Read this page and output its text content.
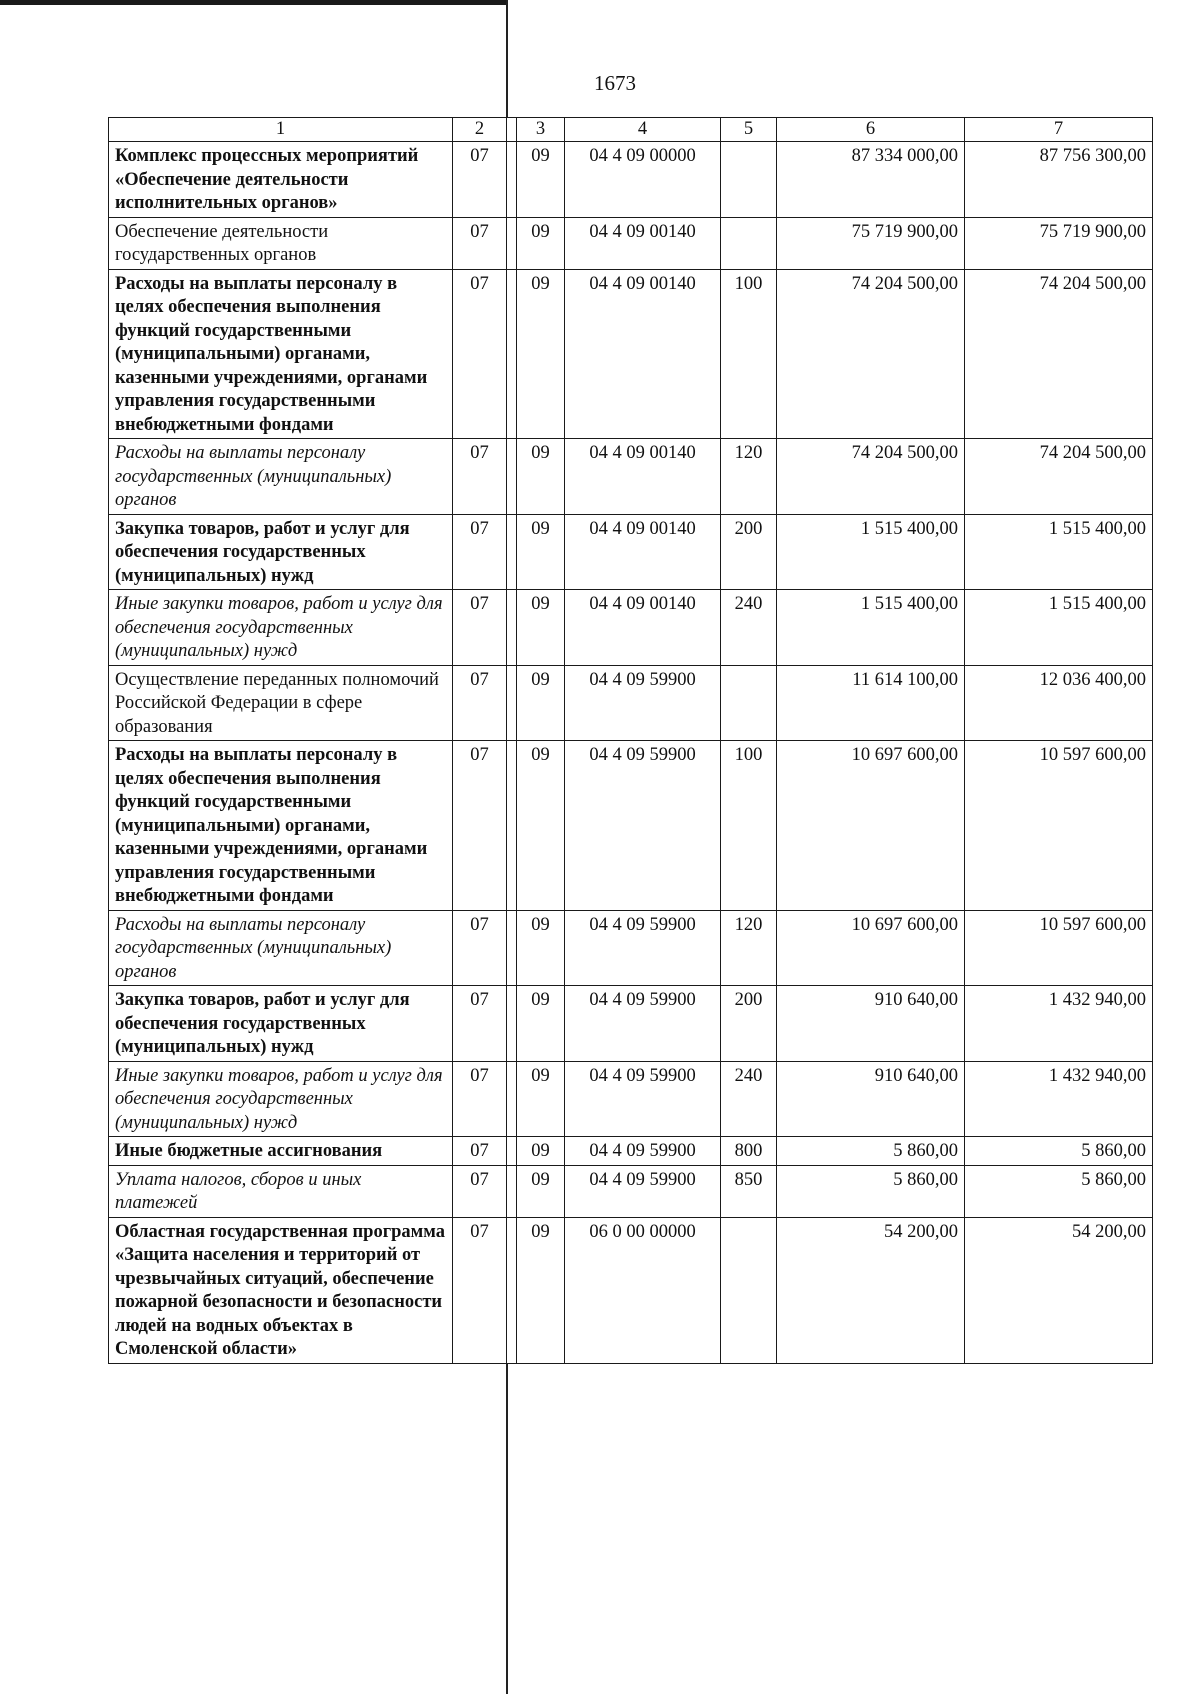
1673
1	2		3	4	5	6	7
Комплекс процессных мероприятий «Обеспечение деятельности исполнительных органов»	07		09	04 4 09 00000		87 334 000,00	87 756 300,00
Обеспечение деятельности государственных органов	07		09	04 4 09 00140		75 719 900,00	75 719 900,00
Расходы на выплаты персоналу в целях обеспечения выполнения функций государственными (муниципальными) органами, казенными учреждениями, органами управления государственными внебюджетными фондами	07		09	04 4 09 00140	100	74 204 500,00	74 204 500,00
Расходы на выплаты персоналу государственных (муниципальных) органов	07		09	04 4 09 00140	120	74 204 500,00	74 204 500,00
Закупка товаров, работ и услуг для обеспечения государственных (муниципальных) нужд	07		09	04 4 09 00140	200	1 515 400,00	1 515 400,00
Иные закупки товаров, работ и услуг для обеспечения государственных (муниципальных) нужд	07		09	04 4 09 00140	240	1 515 400,00	1 515 400,00
Осуществление переданных полномочий Российской Федерации в сфере образования	07		09	04 4 09 59900		11 614 100,00	12 036 400,00
Расходы на выплаты персоналу в целях обеспечения выполнения функций государственными (муниципальными) органами, казенными учреждениями, органами управления государственными внебюджетными фондами	07		09	04 4 09 59900	100	10 697 600,00	10 597 600,00
Расходы на выплаты персоналу государственных (муниципальных) органов	07		09	04 4 09 59900	120	10 697 600,00	10 597 600,00
Закупка товаров, работ и услуг для обеспечения государственных (муниципальных) нужд	07		09	04 4 09 59900	200	910 640,00	1 432 940,00
Иные закупки товаров, работ и услуг для обеспечения государственных (муниципальных) нужд	07		09	04 4 09 59900	240	910 640,00	1 432 940,00
Иные бюджетные ассигнования	07		09	04 4 09 59900	800	5 860,00	5 860,00
Уплата налогов, сборов и иных платежей	07		09	04 4 09 59900	850	5 860,00	5 860,00
Областная государственная программа «Защита населения и территорий от чрезвычайных ситуаций, обеспечение пожарной безопасности и безопасности людей на водных объектах в Смоленской области»	07		09	06 0 00 00000		54 200,00	54 200,00
